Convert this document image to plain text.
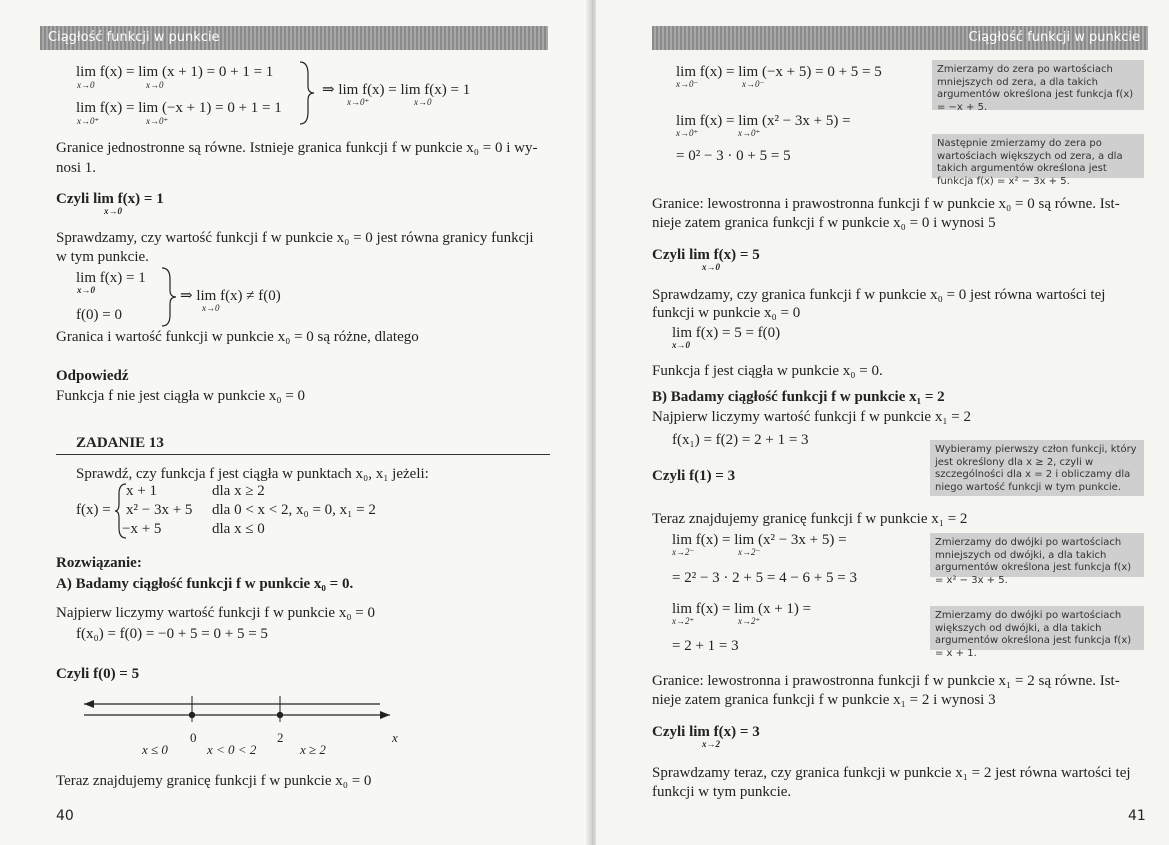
Ciągłość funkcji w punkcie
lim f(x) = lim (x + 1) = 0 + 1 = 1
x→0	x→0
lim f(x) = lim (−x + 1) = 0 + 1 = 1
x→0⁺	x→0⁺
⇒ lim f(x) = lim f(x) = 1
x→0⁺	x→0
Granice jednostronne są równe. Istnieje granica funkcji f w punkcie x₀ = 0 i wy-
nosi 1.
Czyli lim f(x) = 1
x→0
Sprawdzamy, czy wartość funkcji f w punkcie x₀ = 0 jest równa granicy funkcji
w tym punkcie.
lim f(x) = 1
x→0
f(0) = 0
⇒ lim f(x) ≠ f(0)
x→0
Granica i wartość funkcji w punkcie x₀ = 0 są różne, dlatego
Odpowiedź
Funkcja f nie jest ciągła w punkcie x₀ = 0
ZADANIE 13
Sprawdź, czy funkcja f jest ciągła w punktach x₀, x₁ jeżeli:
f(x) =
x + 1	dla x ≥ 2
x² − 3x + 5 dla 0 < x < 2, x₀ = 0, x₁ = 2
−x + 5	dla x ≤ 0
Rozwiązanie:
A) Badamy ciągłość funkcji f w punkcie x₀ = 0.
Najpierw liczymy wartość funkcji f w punkcie x₀ = 0
f(x₀) = f(0) = −0 + 5 = 0 + 5 = 5
Czyli f(0) = 5
0	2	x
x ≤ 0	x < 0 < 2	x ≥ 2
Teraz znajdujemy granicę funkcji f w punkcie x₀ = 0
40
Ciągłość funkcji w punkcie
lim f(x) = lim (−x + 5) = 0 + 5 = 5
x→0⁻	x→0⁻
Zmierzamy do zera po wartościach mniejszych od zera, a dla takich argumentów określona jest funkcja f(x) = −x + 5.
lim f(x) = lim (x² − 3x + 5) =
x→0⁺	x→0⁺
= 0² − 3 · 0 + 5 = 5
Następnie zmierzamy do zera po wartościach większych od zera, a dla takich argumentów określona jest funkcja f(x) = x² − 3x + 5.
Granice: lewostronna i prawostronna funkcji f w punkcie x₀ = 0 są równe. Ist-
nieje zatem granica funkcji f w punkcie x₀ = 0 i wynosi 5
Czyli lim f(x) = 5
x→0
Sprawdzamy, czy granica funkcji f w punkcie x₀ = 0 jest równa wartości tej
funkcji w punkcie x₀ = 0
lim f(x) = 5 = f(0)
x→0
Funkcja f jest ciągła w punkcie x₀ = 0.
B) Badamy ciągłość funkcji f w punkcie x₁ = 2
Najpierw liczymy wartość funkcji f w punkcie x₁ = 2
f(x₁) = f(2) = 2 + 1 = 3
Wybieramy pierwszy człon funkcji, który jest określony dla x ≥ 2, czyli w szczególności dla x = 2 i obliczamy dla niego wartość funkcji w tym punkcie.
Czyli f(1) = 3
Teraz znajdujemy granicę funkcji f w punkcie x₁ = 2
lim f(x) = lim (x² − 3x + 5) =
x→2⁻	x→2⁻
= 2² − 3 · 2 + 5 = 4 − 6 + 5 = 3
Zmierzamy do dwójki po wartościach mniejszych od dwójki, a dla takich argumentów określona jest funkcja f(x) = x² − 3x + 5.
lim f(x) = lim (x + 1) =
x→2⁺	x→2⁺
= 2 + 1 = 3
Zmierzamy do dwójki po wartościach większych od dwójki, a dla takich argumentów określona jest funkcja f(x) = x + 1.
Granice: lewostronna i prawostronna funkcji f w punkcie x₁ = 2 są równe. Ist-
nieje zatem granica funkcji f w punkcie x₁ = 2 i wynosi 3
Czyli lim f(x) = 3
x→2
Sprawdzamy teraz, czy granica funkcji w punkcie x₁ = 2 jest równa wartości tej
funkcji w tym punkcie.
41
